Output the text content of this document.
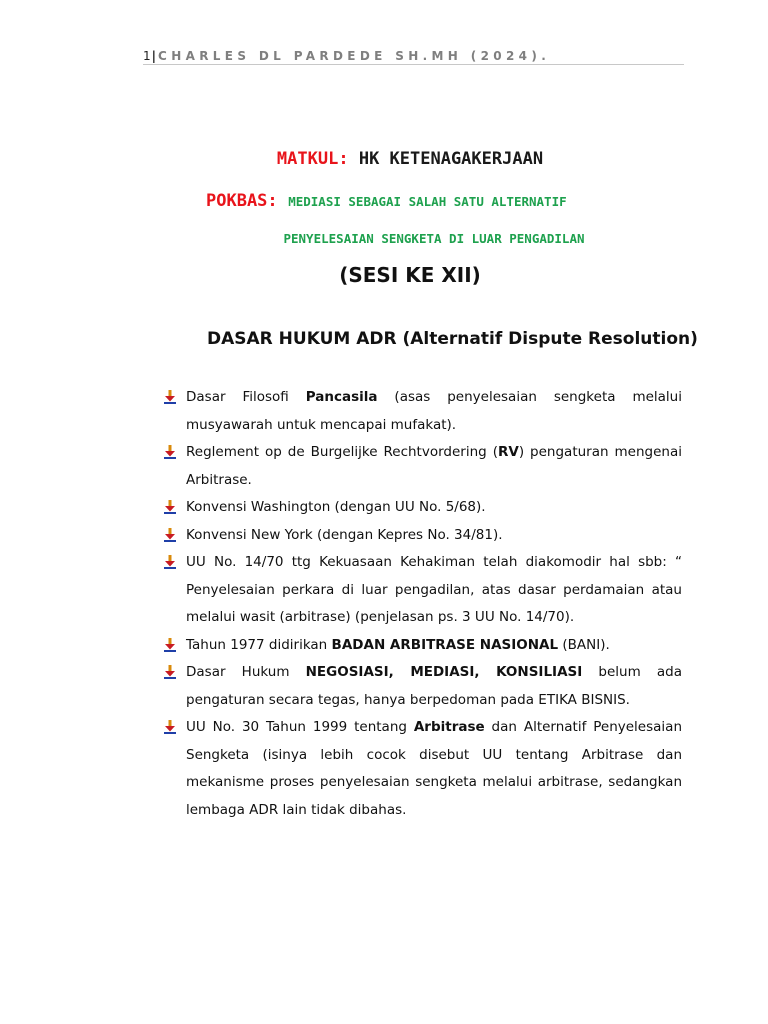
1| CHARLES DL PARDEDE SH.MH (2024).
MATKUL: HK KETENAGAKERJAAN
POKBAS: MEDIASI SEBAGAI SALAH SATU ALTERNATIF
PENYELESAIAN SENGKETA DI LUAR PENGADILAN
(SESI KE XII)
DASAR HUKUM ADR (Alternatif Dispute Resolution)
Dasar Filosofi Pancasila (asas penyelesaian sengketa melalui musyawarah untuk mencapai mufakat).
Reglement op de Burgelijke Rechtvordering (RV) pengaturan mengenai Arbitrase.
Konvensi Washington (dengan UU No. 5/68).
Konvensi New York (dengan Kepres No. 34/81).
UU No. 14/70 ttg Kekuasaan Kehakiman telah diakomodir hal sbb: “ Penyelesaian perkara di luar pengadilan, atas dasar perdamaian atau melalui wasit (arbitrase) (penjelasan ps. 3 UU No. 14/70).
Tahun 1977 didirikan BADAN ARBITRASE NASIONAL (BANI).
Dasar Hukum NEGOSIASI, MEDIASI, KONSILIASI belum ada pengaturan secara tegas, hanya berpedoman pada ETIKA BISNIS.
UU No. 30 Tahun 1999 tentang Arbitrase dan Alternatif Penyelesaian Sengketa (isinya lebih cocok disebut UU tentang Arbitrase dan mekanisme proses penyelesaian sengketa melalui arbitrase, sedangkan lembaga ADR lain tidak dibahas.
